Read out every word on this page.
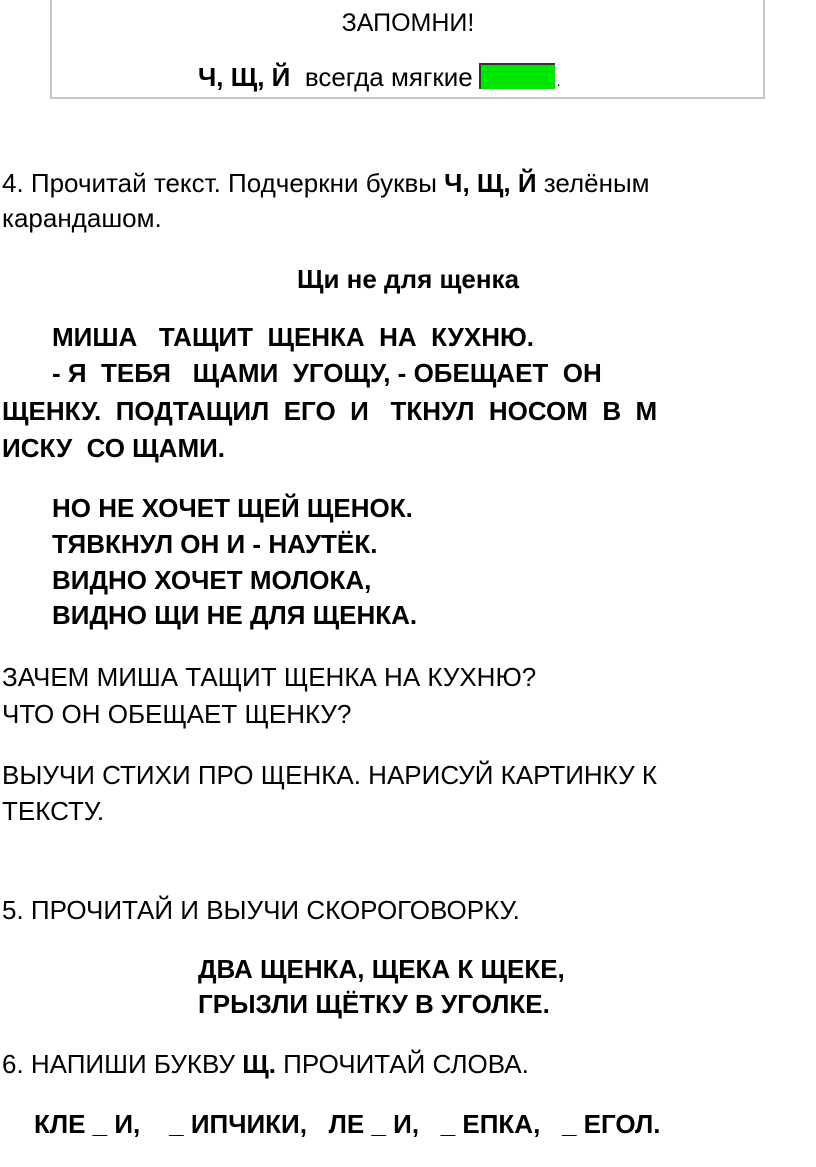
ЗАПОМНИ!
Ч, Щ, Й всегда мягкие	.
4. Прочитай текст. Подчеркни буквы Ч, Щ, Й зелёным
карандашом.
Щи не для щенка
МИША   ТАЩИТ  ЩЕНКА  НА  КУХНЮ.
- Я  ТЕБЯ   ЩАМИ  УГОЩУ, - ОБЕЩАЕТ  ОН
ЩЕНКУ.  ПОДТАЩИЛ  ЕГО  И   ТКНУЛ  НОСОМ  В  М
ИСКУ  СО ЩАМИ.
НО НЕ ХОЧЕТ ЩЕЙ ЩЕНОК.
ТЯВКНУЛ ОН И - НАУТЁК.
ВИДНО ХОЧЕТ МОЛОКА,
ВИДНО ЩИ НЕ ДЛЯ ЩЕНКА.
ЗАЧЕМ МИША ТАЩИТ ЩЕНКА НА КУХНЮ?
ЧТО ОН ОБЕЩАЕТ ЩЕНКУ?
ВЫУЧИ СТИХИ ПРО ЩЕНКА. НАРИСУЙ КАРТИНКУ К
ТЕКСТУ.
5. ПРОЧИТАЙ И ВЫУЧИ СКОРОГОВОРКУ.
ДВА ЩЕНКА, ЩЕКА К ЩЕКЕ,
ГРЫЗЛИ ЩЁТКУ В УГОЛКЕ.
6. НАПИШИ БУКВУ Щ. ПРОЧИТАЙ СЛОВА.
КЛЕ _ И,    _ ИПЧИКИ,   ЛЕ _ И,   _ ЕПКА,   _ ЕГОЛ.
